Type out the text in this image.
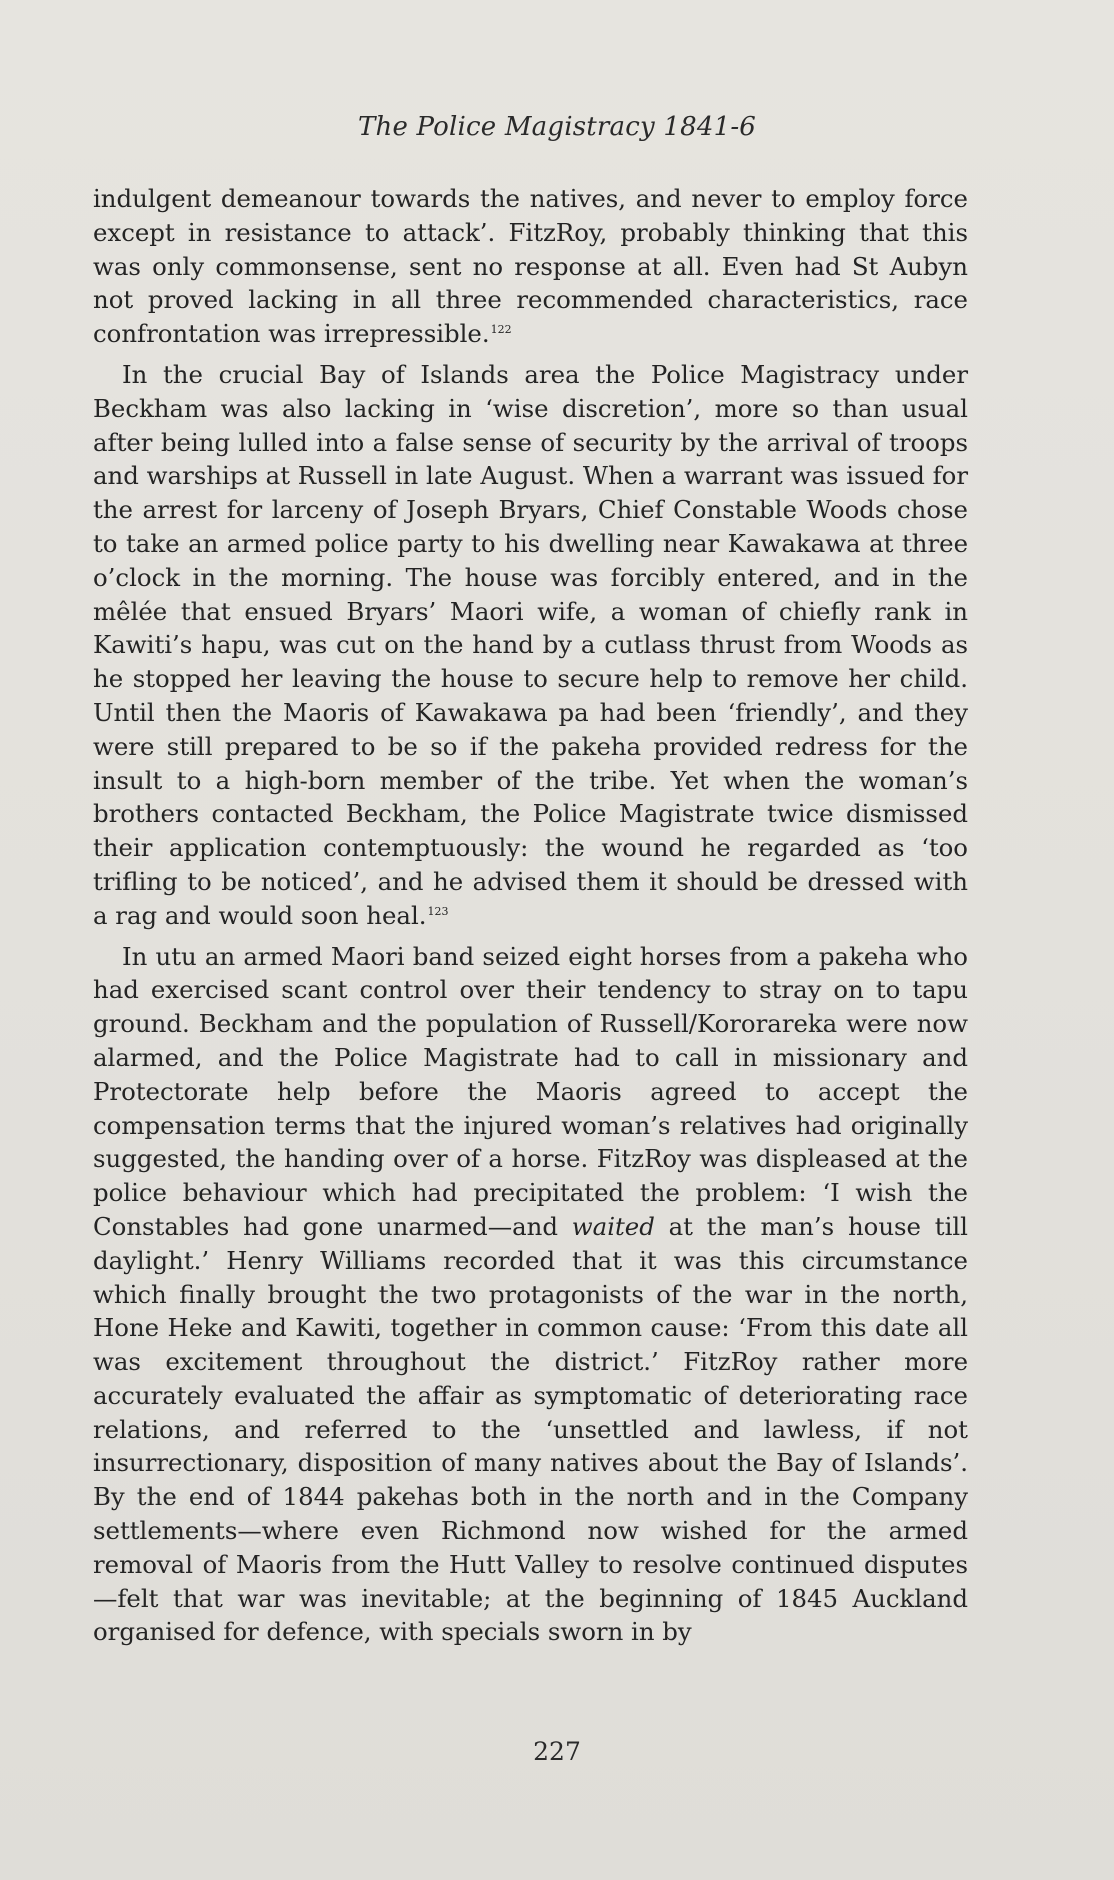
The Police Magistracy 1841-6

indulgent demeanour towards the natives, and never to employ force except in resistance to attack’. FitzRoy, probably thinking that this was only commonsense, sent no response at all. Even had St Aubyn not proved lacking in all three recommended characteristics, race confrontation was irrepressible.$^{122}$

In the crucial Bay of Islands area the Police Magistracy under Beckham was also lacking in ‘wise discretion’, more so than usual after being lulled into a false sense of security by the arrival of troops and warships at Russell in late August. When a warrant was issued for the arrest for larceny of Joseph Bryars, Chief Constable Woods chose to take an armed police party to his dwelling near Kawakawa at three o’clock in the morning. The house was forcibly entered, and in the mêlée that ensued Bryars’ Maori wife, a woman of chiefly rank in Kawiti’s hapu, was cut on the hand by a cutlass thrust from Woods as he stopped her leaving the house to secure help to remove her child. Until then the Maoris of Kawakawa pa had been ‘friendly’, and they were still prepared to be so if the pakeha provided redress for the insult to a high-born member of the tribe. Yet when the woman’s brothers contacted Beckham, the Police Magistrate twice dismissed their application contemptuously: the wound he regarded as ‘too trifling to be noticed’, and he advised them it should be dressed with a rag and would soon heal.$^{123}$

In utu an armed Maori band seized eight horses from a pakeha who had exercised scant control over their tendency to stray on to tapu ground. Beckham and the population of Russell/Kororareka were now alarmed, and the Police Magistrate had to call in missionary and Protectorate help before the Maoris agreed to accept the compensation terms that the injured woman’s relatives had originally suggested, the handing over of a horse. FitzRoy was displeased at the police behaviour which had precipitated the problem: ‘I wish the Constables had gone unarmed—and waited at the man’s house till daylight.’ Henry Williams recorded that it was this circumstance which finally brought the two protagonists of the war in the north, Hone Heke and Kawiti, together in common cause: ‘From this date all was excitement throughout the district.’ FitzRoy rather more accurately evaluated the affair as symptomatic of deteriorating race relations, and referred to the ‘unsettled and lawless, if not insurrectionary, disposition of many natives about the Bay of Islands’. By the end of 1844 pakehas both in the north and in the Company settlements—where even Richmond now wished for the armed removal of Maoris from the Hutt Valley to resolve continued disputes—felt that war was inevitable; at the beginning of 1845 Auckland organised for defence, with specials sworn in by

227
